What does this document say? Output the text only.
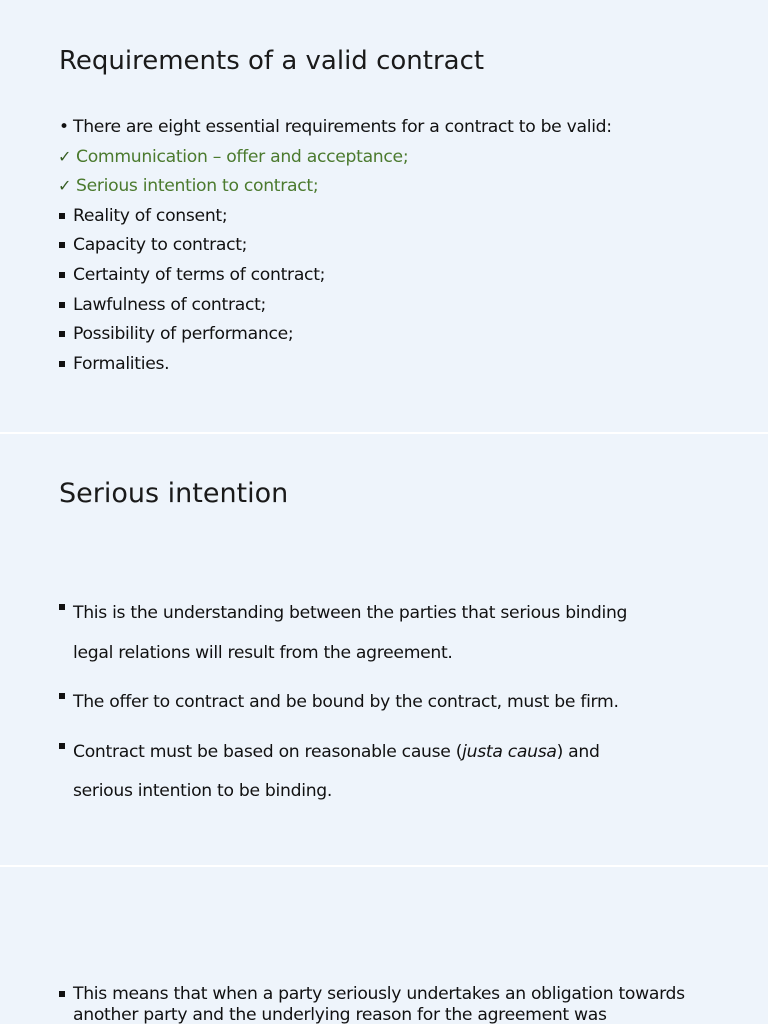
Requirements of a valid contract
• There are eight essential requirements for a contract to be valid:
✓ Communication – offer and acceptance;
✓ Serious intention to contract;
Reality of consent;
Capacity to contract;
Certainty of terms of contract;
Lawfulness of contract;
Possibility of performance;
Formalities.
Serious intention
This is the understanding between the parties that serious binding
legal relations will result from the agreement.
The offer to contract and be bound by the contract, must be firm.
Contract must be based on reasonable cause (justa causa) and
serious intention to be binding.
This means that when a party seriously undertakes an obligation towards
another party and the underlying reason for the agreement was
